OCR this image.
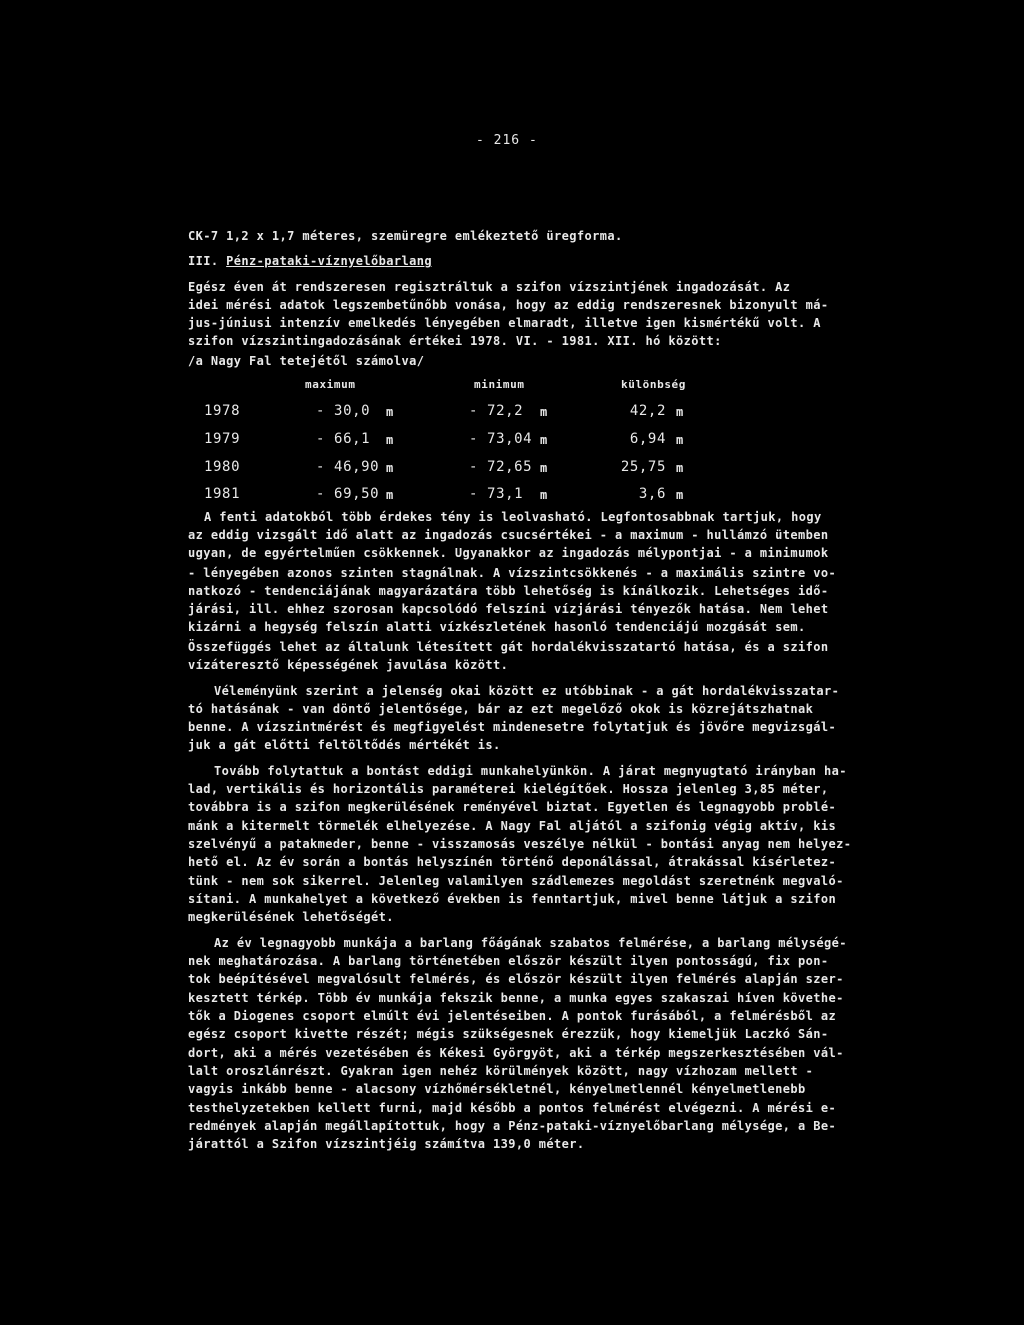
- 216 -
CK-7 1,2 x 1,7 méteres, szemüregre emlékeztető üregforma.
III. Pénz-pataki-víznyelőbarlang
Egész éven át rendszeresen regisztráltuk a szifon vízszintjének ingadozását. Az
idei mérési adatok legszembetűnőbb vonása, hogy az eddig rendszeresnek bizonyult má-
jus-júniusi intenzív emelkedés lényegében elmaradt, illetve igen kismértékű volt. A
szifon vízszintingadozásának értékei 1978. VI. - 1981. XII. hó között:
/a Nagy Fal tetejétől számolva/
maximum	minimum	különbség
1978	- 30,0 m	- 72,2 m	42,2 m
1979	- 66,1 m	- 73,04 m	6,94 m
1980	- 46,90 m	- 72,65 m	25,75 m
1981	- 69,50 m	- 73,1 m	3,6 m
A fenti adatokból több érdekes tény is leolvasható. Legfontosabbnak tartjuk, hogy
az eddig vizsgált idő alatt az ingadozás csucsértékei - a maximum - hullámzó ütemben
ugyan, de egyértelműen csökkennek. Ugyanakkor az ingadozás mélypontjai - a minimumok
- lényegében azonos szinten stagnálnak. A vízszintcsökkenés - a maximális szintre vo-
natkozó - tendenciájának magyarázatára több lehetőség is kínálkozik. Lehetséges idő-
járási, ill. ehhez szorosan kapcsolódó felszíni vízjárási tényezők hatása. Nem lehet
kizárni a hegység felszín alatti vízkészletének hasonló tendenciájú mozgását sem.
Összefüggés lehet az általunk létesített gát hordalékvisszatartó hatása, és a szifon
vízáteresztő képességének javulása között.
Véleményünk szerint a jelenség okai között ez utóbbinak - a gát hordalékvisszatar-
tó hatásának - van döntő jelentősége, bár az ezt megelőző okok is közrejátszhatnak
benne. A vízszintmérést és megfigyelést mindenesetre folytatjuk és jövőre megvizsgál-
juk a gát előtti feltöltődés mértékét is.
Tovább folytattuk a bontást eddigi munkahelyünkön. A járat megnyugtató irányban ha-
lad, vertikális és horizontális paraméterei kielégítőek. Hossza jelenleg 3,85 méter,
továbbra is a szifon megkerülésének reményével biztat. Egyetlen és legnagyobb problé-
mánk a kitermelt törmelék elhelyezése. A Nagy Fal aljától a szifonig végig aktív, kis
szelvényű a patakmeder, benne - visszamosás veszélye nélkül - bontási anyag nem helyez-
hető el. Az év során a bontás helyszínén történő deponálással, átrakással kísérletez-
tünk - nem sok sikerrel. Jelenleg valamilyen szádlemezes megoldást szeretnénk megvaló-
sítani. A munkahelyet a következő években is fenntartjuk, mivel benne látjuk a szifon
megkerülésének lehetőségét.
Az év legnagyobb munkája a barlang főágának szabatos felmérése, a barlang mélységé-
nek meghatározása. A barlang történetében először készült ilyen pontosságú, fix pon-
tok beépítésével megvalósult felmérés, és először készült ilyen felmérés alapján szer-
kesztett térkép. Több év munkája fekszik benne, a munka egyes szakaszai híven követhe-
tők a Diogenes csoport elmúlt évi jelentéseiben. A pontok furásából, a felmérésből az
egész csoport kivette részét; mégis szükségesnek érezzük, hogy kiemeljük Laczkó Sán-
dort, aki a mérés vezetésében és Kékesi Györgyöt, aki a térkép megszerkesztésében vál-
lalt oroszlánrészt. Gyakran igen nehéz körülmények között, nagy vízhozam mellett -
vagyis inkább benne - alacsony vízhőmérsékletnél, kényelmetlennél kényelmetlenebb
testhelyzetekben kellett furni, majd később a pontos felmérést elvégezni. A mérési e-
redmények alapján megállapítottuk, hogy a Pénz-pataki-víznyelőbarlang mélysége, a Be-
járattól a Szifon vízszintjéig számítva 139,0 méter.
